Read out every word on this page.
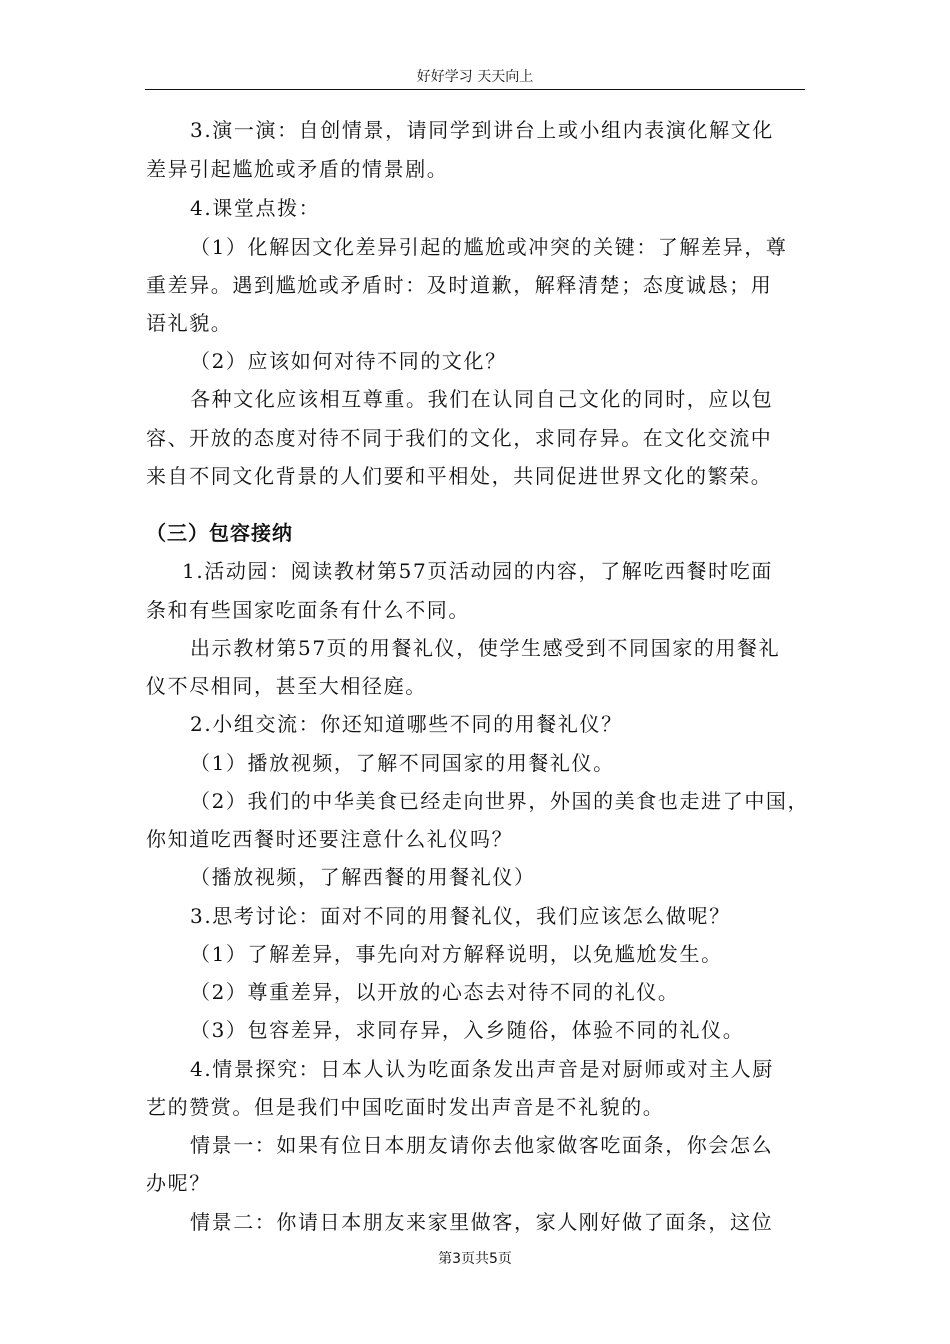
好好学习 天天向上
3.演一演：自创情景，请同学到讲台上或小组内表演化解文化
差异引起尴尬或矛盾的情景剧。
4.课堂点拨：
（1）化解因文化差异引起的尴尬或冲突的关键：了解差异，尊
重差异。遇到尴尬或矛盾时：及时道歉，解释清楚；态度诚恳；用
语礼貌。
（2）应该如何对待不同的文化？
各种文化应该相互尊重。我们在认同自己文化的同时，应以包
容、开放的态度对待不同于我们的文化，求同存异。在文化交流中
来自不同文化背景的人们要和平相处，共同促进世界文化的繁荣。
（三）包容接纳
1.活动园：阅读教材第57页活动园的内容，了解吃西餐时吃面
条和有些国家吃面条有什么不同。
出示教材第57页的用餐礼仪，使学生感受到不同国家的用餐礼
仪不尽相同，甚至大相径庭。
2.小组交流：你还知道哪些不同的用餐礼仪？
（1）播放视频，了解不同国家的用餐礼仪。
（2）我们的中华美食已经走向世界，外国的美食也走进了中国，
你知道吃西餐时还要注意什么礼仪吗？
（播放视频，了解西餐的用餐礼仪）
3.思考讨论：面对不同的用餐礼仪，我们应该怎么做呢？
（1）了解差异，事先向对方解释说明，以免尴尬发生。
（2）尊重差异，以开放的心态去对待不同的礼仪。
（3）包容差异，求同存异，入乡随俗，体验不同的礼仪。
4.情景探究：日本人认为吃面条发出声音是对厨师或对主人厨
艺的赞赏。但是我们中国吃面时发出声音是不礼貌的。
情景一：如果有位日本朋友请你去他家做客吃面条，你会怎么
办呢？
情景二：你请日本朋友来家里做客，家人刚好做了面条，这位
第3页共5页
